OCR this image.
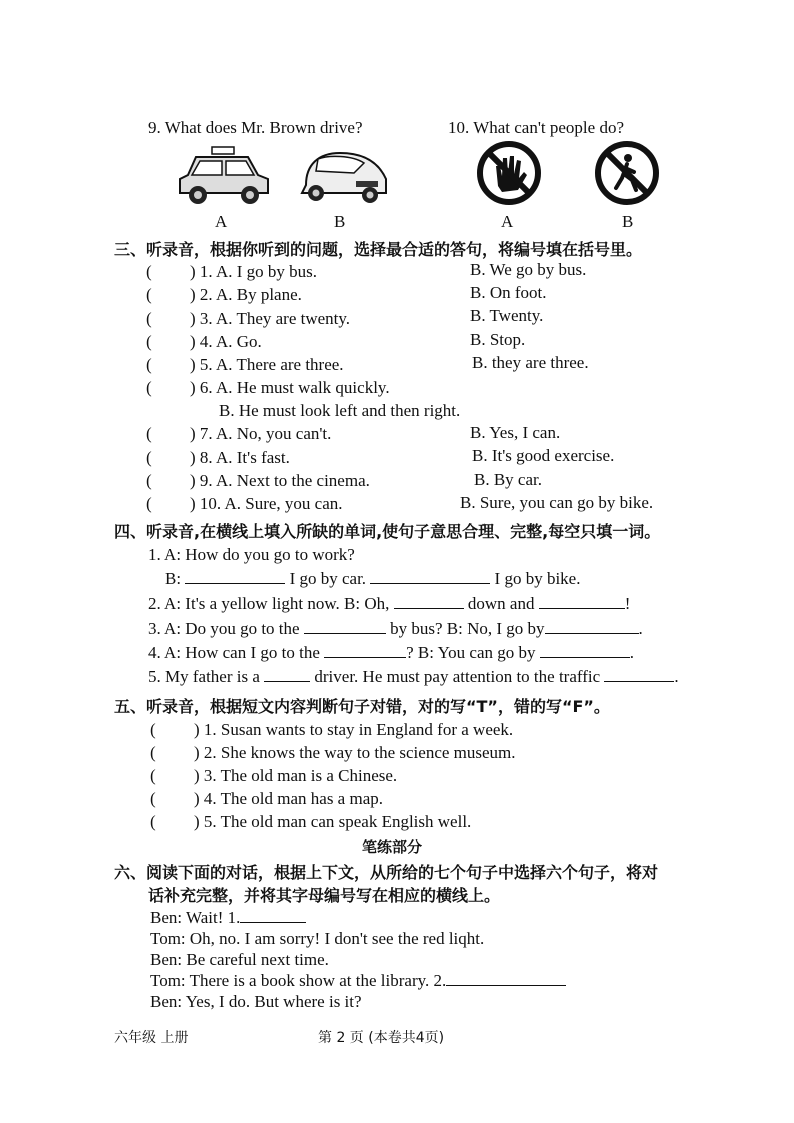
9. What does Mr. Brown drive?	10. What can't people do?
A	B	A	B
三、听录音，根据你听到的问题，选择最合适的答句，将编号填在括号里。
( ) 1. A. I go by bus.	B. We go by bus.
( ) 2. A. By plane.	B. On foot.
( ) 3. A. They are twenty.	B. Twenty.
( ) 4. A. Go.	B. Stop.
( ) 5. A. There are three.	B. they are three.
( ) 6. A. He must walk quickly.
B. He must look left and then right.
( ) 7. A. No, you can't.	B. Yes, I can.
( ) 8. A. It's fast.	B. It's good exercise.
( ) 9. A. Next to the cinema.	B. By car.
( ) 10. A. Sure, you can.	B. Sure, you can go by bike.
四、听录音,在横线上填入所缺的单词,使句子意思合理、完整,每空只填一词。
1. A: How do you go to work?
B:	I go by car.	I go by bike.
2. A: It's a yellow light now. B: Oh,	down and	!
3. A: Do you go to the	by bus? B: No, I go by	.
4. A: How can I go to the	? B: You can go by	.
5. My father is a	driver. He must pay attention to the traffic	.
五、听录音，根据短文内容判断句子对错，对的写“T”，错的写“F”。
( ) 1. Susan wants to stay in England for a week.
( ) 2. She knows the way to the science museum.
( ) 3. The old man is a Chinese.
( ) 4. The old man has a map.
( ) 5. The old man can speak English well.
笔练部分
六、阅读下面的对话，根据上下文，从所给的七个句子中选择六个句子，将对
话补充完整，并将其字母编号写在相应的横线上。
Ben: Wait! 1.
Tom: Oh, no. I am sorry! I don't see the red liqht.
Ben: Be careful next time.
Tom: There is a book show at the library. 2.
Ben: Yes, I do. But where is it?
六年级 上册	第 2 页 (本卷共4页)
